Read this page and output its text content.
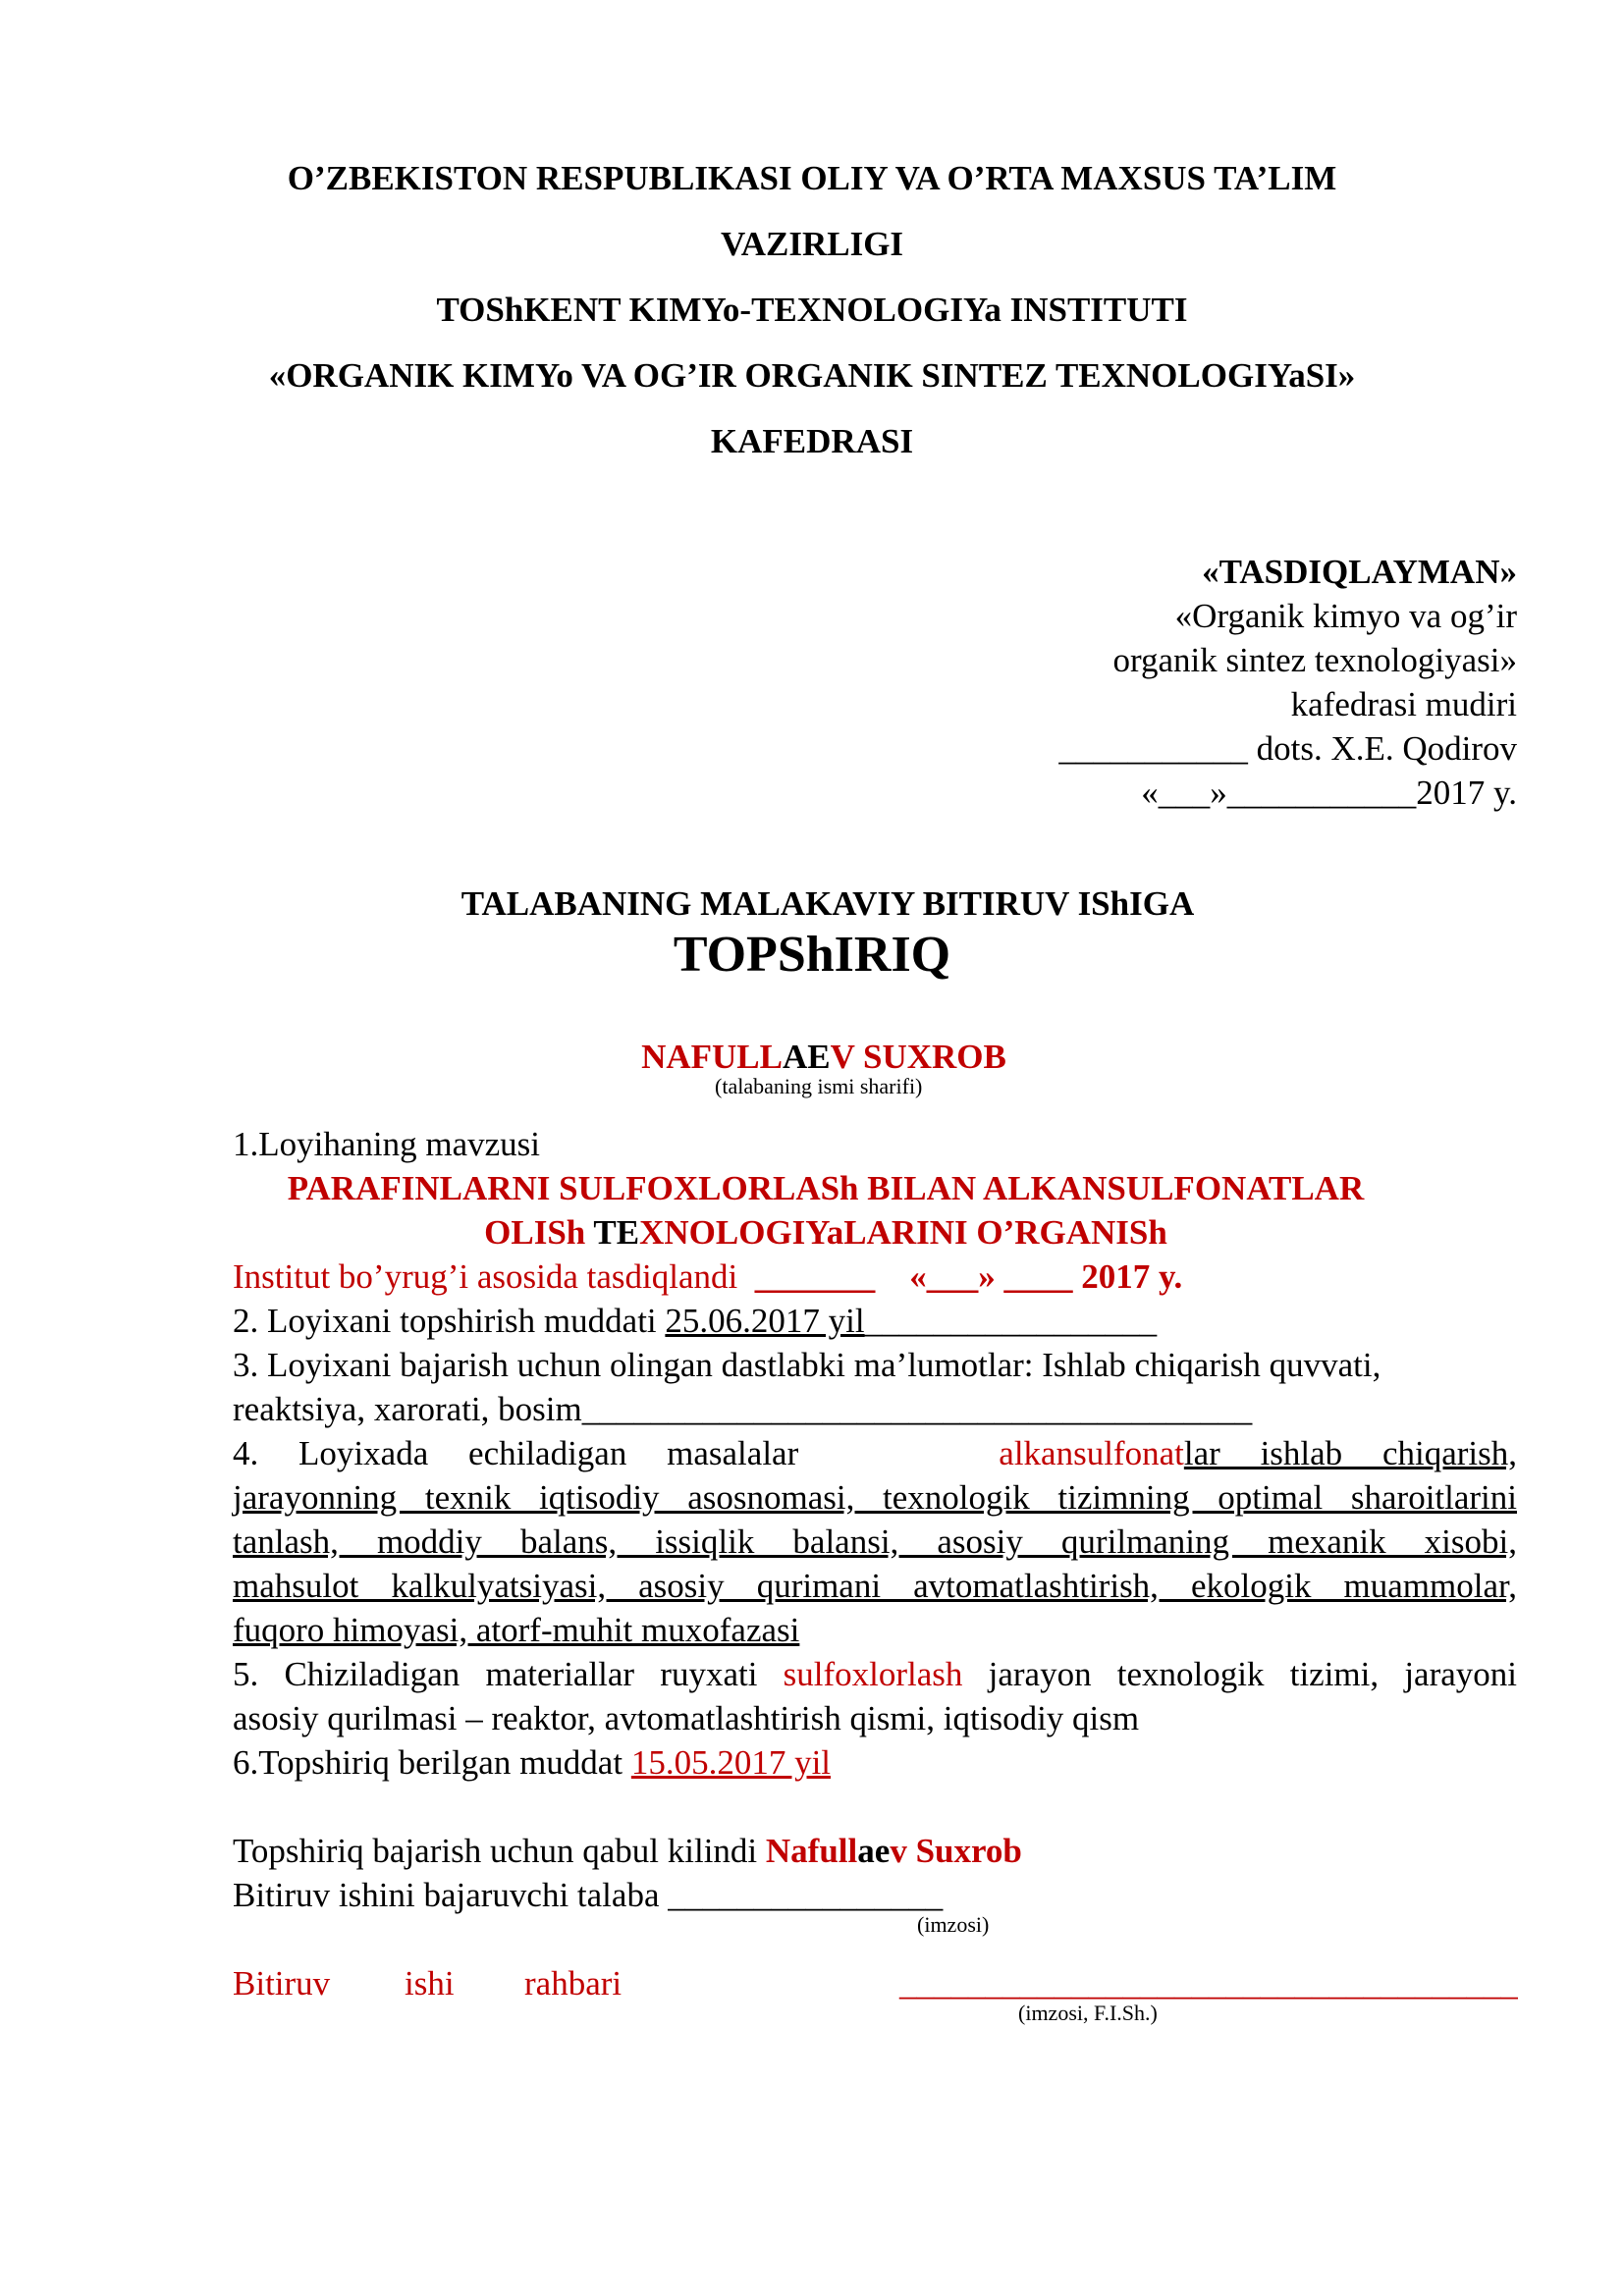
O’ZBEKISTON RESPUBLIKASI OLIY VA O’RTA MAXSUS TA’LIM
VAZIRLIGI
TOShKENT KIMYo-TEXNOLOGIYa INSTITUTI
«ORGANIK KIMYo VA OG’IR ORGANIK SINTEZ TEXNOLOGIYaSI»
KAFEDRASI
«TASDIQLAYMAN»
«Organik kimyo va og’ir
organik sintez texnologiyasi»
kafedrasi mudiri
___________ dots. X.E. Qodirov
«___»___________2017 y.
TALABANING MALAKAVIY BITIRUV IShIGA
TOPShIRIQ
NAFULLAEV SUXROB
(talabaning ismi sharifi)
1.Loyihaning mavzusi
PARAFINLARNI SULFOXLORLASh BILAN ALKANSULFONATLAR
OLISh TEXNOLOGIYaLARINI O’RGANISh
Institut bo’yrug’i asosida tasdiqlandi _______ «___» ____ 2017 y.
2. Loyixani topshirish muddati 25.06.2017 yil_________________
3. Loyixani bajarish uchun olingan dastlabki ma’lumotlar: Ishlab chiqarish quvvati,
reaktsiya, xarorati, bosim_______________________________________
4. Loyixada echiladigan masalalar	alkansulfonatlar ishlab chiqarish,
jarayonning texnik iqtisodiy asosnomasi, texnologik tizimning optimal sharoitlarini
tanlash, moddiy balans, issiqlik balansi, asosiy qurilmaning mexanik xisobi,
mahsulot kalkulyatsiyasi, asosiy qurimani avtomatlashtirish, ekologik muammolar,
fuqoro himoyasi, atorf-muhit muxofazasi
5. Chiziladigan materiallar ruyxati sulfoxlorlash jarayon texnologik tizimi, jarayoni
asosiy qurilmasi – reaktor, avtomatlashtirish qismi, iqtisodiy qism
6.Topshiriq berilgan muddat 15.05.2017 yil
Topshiriq bajarish uchun qabul kilindi Nafullaev Suxrob
Bitiruv ishini bajaruvchi talaba ________________
(imzosi)
Bitiruv ishi rahbari	____________________________________
(imzosi, F.I.Sh.)
